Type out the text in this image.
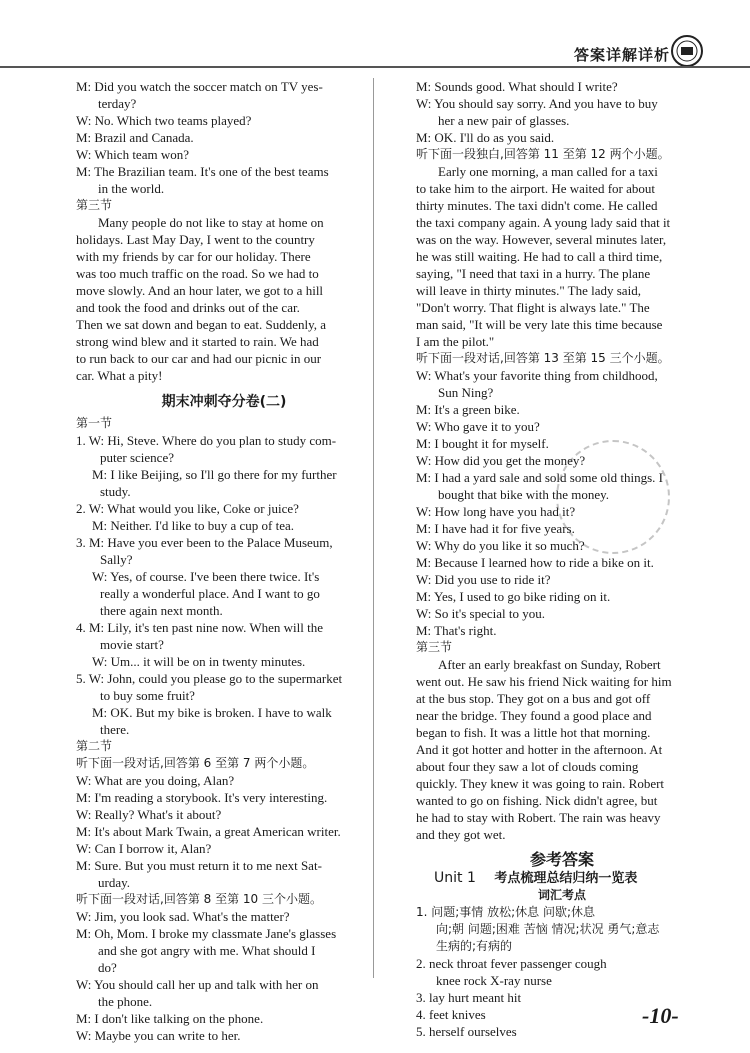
答案详解详析
M: Did you watch the soccer match on TV yes-
terday?
W: No. Which two teams played?
M: Brazil and Canada.
W: Which team won?
M: The Brazilian team. It's one of the best teams
in the world.
第三节
Many people do not like to stay at home on
holidays. Last May Day, I went to the country
with my friends by car for our holiday. There
was too much traffic on the road. So we had to
move slowly. And an hour later, we got to a hill
and took the food and drinks out of the car.
Then we sat down and began to eat. Suddenly, a
strong wind blew and it started to rain. We had
to run back to our car and had our picnic in our
car. What a pity!
期末冲刺夺分卷(二)
第一节
1. W: Hi, Steve. Where do you plan to study com-
puter science?
M: I like Beijing, so I'll go there for my further
study.
2. W: What would you like, Coke or juice?
M: Neither. I'd like to buy a cup of tea.
3. M: Have you ever been to the Palace Museum,
Sally?
W: Yes, of course. I've been there twice. It's
really a wonderful place. And I want to go
there again next month.
4. M: Lily, it's ten past nine now. When will the
movie start?
W: Um... it will be on in twenty minutes.
5. W: John, could you please go to the supermarket
to buy some fruit?
M: OK. But my bike is broken. I have to walk
there.
第二节
听下面一段对话,回答第 6 至第 7 两个小题。
W: What are you doing, Alan?
M: I'm reading a storybook. It's very interesting.
W: Really? What's it about?
M: It's about Mark Twain, a great American writer.
W: Can I borrow it, Alan?
M: Sure. But you must return it to me next Sat-
urday.
听下面一段对话,回答第 8 至第 10 三个小题。
W: Jim, you look sad. What's the matter?
M: Oh, Mom. I broke my classmate Jane's glasses
and she got angry with me. What should I
do?
W: You should call her up and talk with her on
the phone.
M: I don't like talking on the phone.
W: Maybe you can write to her.
M: Sounds good. What should I write?
W: You should say sorry. And you have to buy
her a new pair of glasses.
M: OK. I'll do as you said.
听下面一段独白,回答第 11 至第 12 两个小题。
Early one morning, a man called for a taxi
to take him to the airport. He waited for about
thirty minutes. The taxi didn't come. He called
the taxi company again. A young lady said that it
was on the way. However, several minutes later,
he was still waiting. He had to call a third time,
saying, "I need that taxi in a hurry. The plane
will leave in thirty minutes." The lady said,
"Don't worry. That flight is always late." The
man said, "It will be very late this time because
I am the pilot."
听下面一段对话,回答第 13 至第 15 三个小题。
W: What's your favorite thing from childhood,
Sun Ning?
M: It's a green bike.
W: Who gave it to you?
M: I bought it for myself.
W: How did you get the money?
M: I had a yard sale and sold some old things. I
bought that bike with the money.
W: How long have you had it?
M: I have had it for five years.
W: Why do you like it so much?
M: Because I learned how to ride a bike on it.
W: Did you use to ride it?
M: Yes, I used to go bike riding on it.
W: So it's special to you.
M: That's right.
第三节
After an early breakfast on Sunday, Robert
went out. He saw his friend Nick waiting for him
at the bus stop. They got on a bus and got off
near the bridge. They found a good place and
began to fish. It was a little hot that morning.
And it got hotter and hotter in the afternoon. At
about four they saw a lot of clouds coming
quickly. They knew it was going to rain. Robert
wanted to go on fishing. Nick didn't agree, but
he had to stay with Robert. The rain was heavy
and they got wet.
参考答案
Unit 1 考点梳理总结归纳一览表
词汇考点
1. 问题;事情 放松;休息 问歇;休息
向;朝 问题;困难 苦恼 情况;状况 勇气;意志
生病的;有病的
2. neck throat fever passenger cough
knee rock X-ray nurse
3. lay hurt meant hit
4. feet knives
5. herself ourselves
-10-
